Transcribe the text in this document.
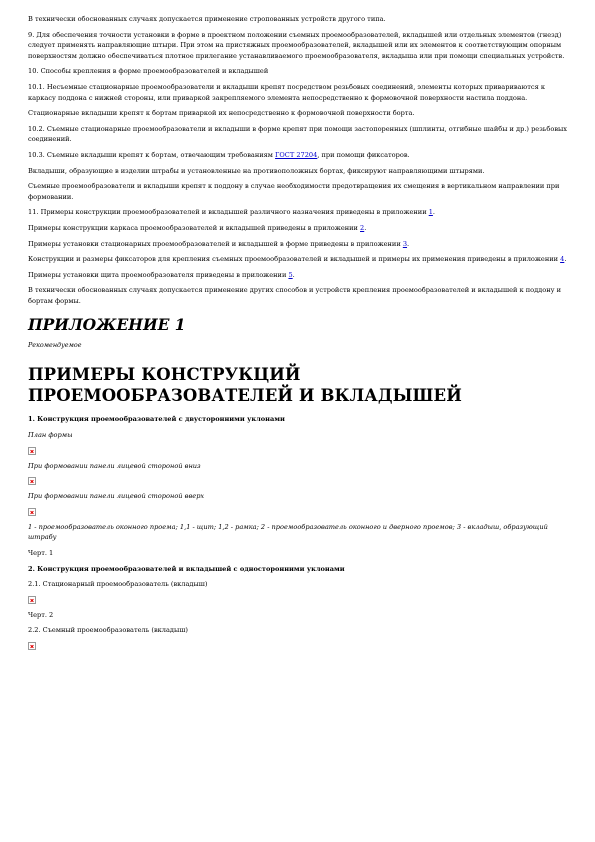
В технически обоснованных случаях допускается применение стропованных устройств другого типа.

9. Для обеспечения точности установки в форме в проектном положении съемных проемообразователей, вкладышей или отдельных элементов (гнезд) следует применять направляющие штыри. При этом на пристяжных проемообразователей, вкладышей или их элементов к соответствующим опорным поверхностям должно обеспечиваться плотное прилегание устанавливаемого проемообразователя, вкладыша или при помощи специальных устройств.

10. Способы крепления в форме проемообразователей и вкладышей

10.1. Несъемные стационарные проемообразователи и вкладыши крепят посредством резьбовых соединений, элементы которых привариваются к каркасу поддона с нижней стороны, или приваркой закрепляемого элемента непосредственно к формовочной поверхности настила поддона.

Стационарные вкладыши крепят к бортам приваркой их непосредственно к формовочной поверхности борта.

10.2. Съемные стационарные проемообразователи и вкладыши в форме крепят при помощи застопоренных (шплинты, отгибные шайбы и др.) резьбовых соединений.

10.3. Съемные вкладыши крепят к бортам, отвечающим требованиям ГОСТ 27204, при помощи фиксаторов.

Вкладыши, образующие в изделии штрабы и установленные на противоположных бортах, фиксируют направляющими штырями.

Съемные проемообразователи и вкладыши крепят к поддону в случае необходимости предотвращения их смещения в вертикальном направлении при формовании.

11. Примеры конструкции проемообразователей и вкладышей различного назначения приведены в приложении 1.

Примеры конструкции каркаса проемообразователей и вкладышей приведены в приложении 2.

Примеры установки стационарных проемообразователей и вкладышей в форме приведены в приложении 3.

Конструкции и размеры фиксаторов для крепления съемных проемообразователей и вкладышей и примеры их применения приведены в приложении 4.

Примеры установки щита проемообразователя приведены в приложении 5.

В технически обоснованных случаях допускается применение других способов и устройств крепления проемообразователей и вкладышей к поддону и бортам формы.

ПРИЛОЖЕНИЕ 1

Рекомендуемое

ПРИМЕРЫ КОНСТРУКЦИЙ ПРОЕМООБРАЗОВАТЕЛЕЙ И ВКЛАДЫШЕЙ

1. Конструкция проемообразователей с двусторонними уклонами

План формы

При формовании панели лицевой стороной вниз

При формовании панели лицевой стороной вверх

1 - проемообразователь оконного проема; 1,1 - щит; 1,2 - рамка; 2 - проемообразователь оконного и дверного проемов; 3 - вкладыш, образующий штрабу

Черт. 1

2. Конструкция проемообразователей и вкладышей с односторонними уклонами

2.1. Стационарный проемообразователь (вкладыш)

Черт. 2

2.2. Съемный проемообразователь (вкладыш)
